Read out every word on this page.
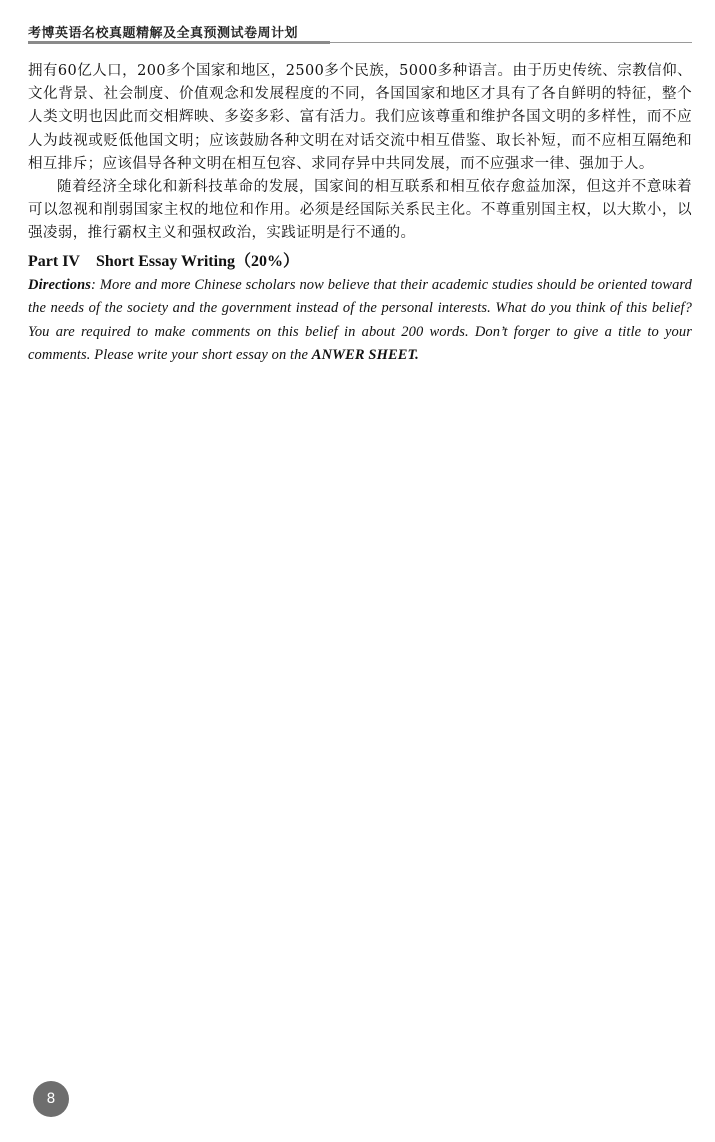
考博英语名校真题精解及全真预测试卷周计划

拥有60亿人口，200多个国家和地区，2500多个民族，5000多种语言。由于历史传统、宗教信仰、文化背景、社会制度、价值观念和发展程度的不同，各国国家和地区才具有了各自鲜明的特征，整个人类文明也因此而交相辉映、多姿多彩、富有活力。我们应该尊重和维护各国文明的多样性，而不应人为歧视或贬低他国文明；应该鼓励各种文明在对话交流中相互借鉴、取长补短，而不应相互隔绝和相互排斥；应该倡导各种文明在相互包容、求同存异中共同发展，而不应强求一律、强加于人。

随着经济全球化和新科技革命的发展，国家间的相互联系和相互依存愈益加深，但这并不意味着可以忽视和削弱国家主权的地位和作用。必须是经国际关系民主化。不尊重别国主权，以大欺小，以强凌弱，推行霸权主义和强权政治，实践证明是行不通的。

Part IV Short Essay Writing（20%）

Directions: More and more Chinese scholars now believe that their academic studies should be oriented toward the needs of the society and the government instead of the personal interests. What do you think of this belief? You are required to make comments on this belief in about 200 words. Don’t forger to give a title to your comments. Please write your short essay on the ANWER SHEET.

8
